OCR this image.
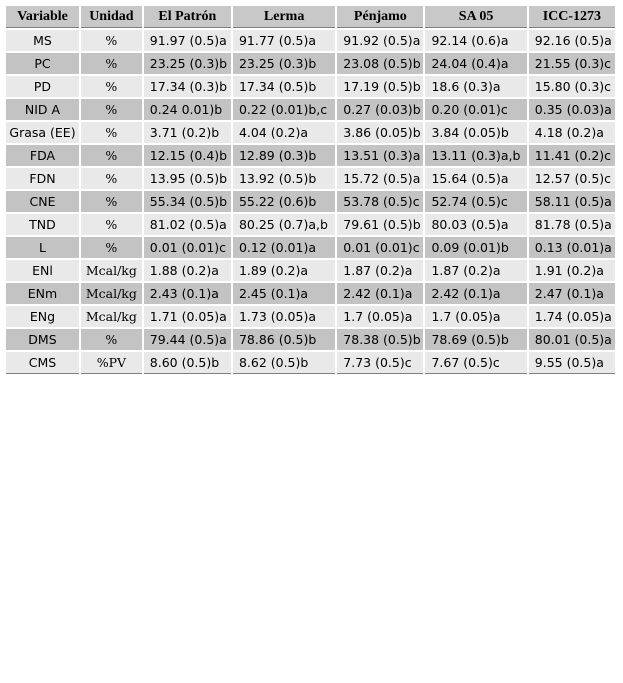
Variable	Unidad	El Patrón	Lerma	Pénjamo	SA 05	ICC-1273
MS	%	91.97 (0.5)a	91.77 (0.5)a	91.92 (0.5)a	92.14 (0.6)a	92.16 (0.5)a
PC	%	23.25 (0.3)b	23.25 (0.3)b	23.08 (0.5)b	24.04 (0.4)a	21.55 (0.3)c
PD	%	17.34 (0.3)b	17.34 (0.5)b	17.19 (0.5)b	18.6 (0.3)a	15.80 (0.3)c
NID A	%	0.24 0.01)b	0.22 (0.01)b,c	0.27 (0.03)b	0.20 (0.01)c	0.35 (0.03)a
Grasa (EE)	%	3.71 (0.2)b	4.04 (0.2)a	3.86 (0.05)b	3.84 (0.05)b	4.18 (0.2)a
FDA	%	12.15 (0.4)b	12.89 (0.3)b	13.51 (0.3)a	13.11 (0.3)a,b	11.41 (0.2)c
FDN	%	13.95 (0.5)b	13.92 (0.5)b	15.72 (0.5)a	15.64 (0.5)a	12.57 (0.5)c
CNE	%	55.34 (0.5)b	55.22 (0.6)b	53.78 (0.5)c	52.74 (0.5)c	58.11 (0.5)a
TND	%	81.02 (0.5)a	80.25 (0.7)a,b	79.61 (0.5)b	80.03 (0.5)a	81.78 (0.5)a
L	%	0.01 (0.01)c	0.12 (0.01)a	0.01 (0.01)c	0.09 (0.01)b	0.13 (0.01)a
ENl	Mcal/kg	1.88 (0.2)a	1.89 (0.2)a	1.87 (0.2)a	1.87 (0.2)a	1.91 (0.2)a
ENm	Mcal/kg	2.43 (0.1)a	2.45 (0.1)a	2.42 (0.1)a	2.42 (0.1)a	2.47 (0.1)a
ENg	Mcal/kg	1.71 (0.05)a	1.73 (0.05)a	1.7 (0.05)a	1.7 (0.05)a	1.74 (0.05)a
DMS	%	79.44 (0.5)a	78.86 (0.5)b	78.38 (0.5)b	78.69 (0.5)b	80.01 (0.5)a
CMS	%PV	8.60 (0.5)b	8.62 (0.5)b	7.73 (0.5)c	7.67 (0.5)c	9.55 (0.5)a
